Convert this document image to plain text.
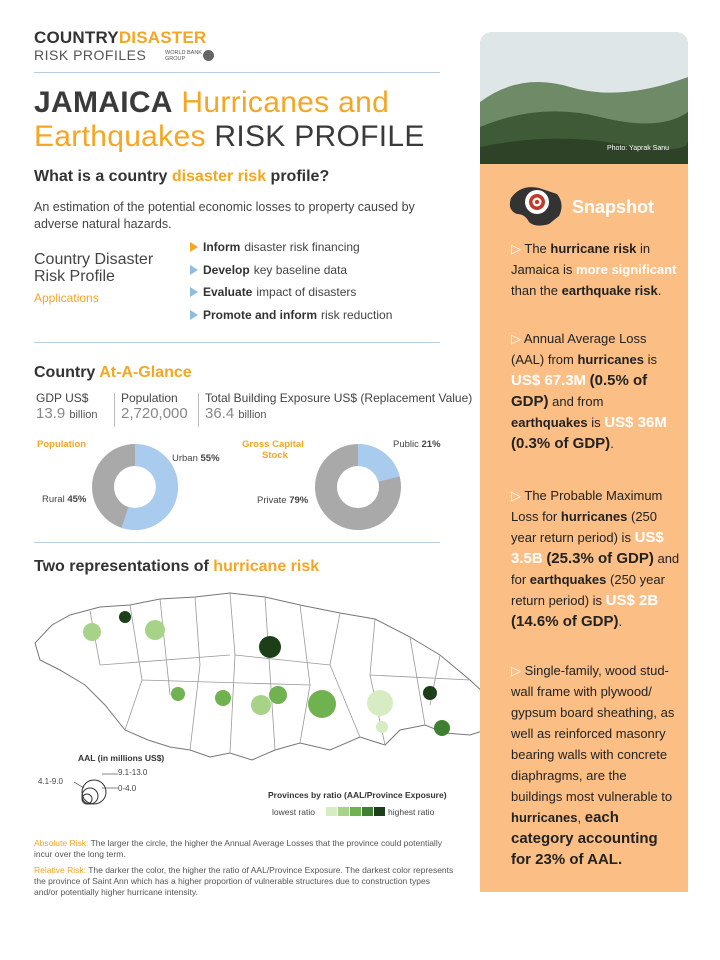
COUNTRYDISASTER
RISK PROFILES	WORLD BANK
GROUP
JAMAICA Hurricanes and
Earthquakes RISK PROFILE
What is a country disaster risk profile?
An estimation of the potential economic losses to property caused by adverse natural hazards.
Country Disaster
Risk Profile
Applications
Inform disaster risk financing
Develop key baseline data
Evaluate impact of disasters
Promote and inform risk reduction
Country At-A-Glance
GDP US$
13.9 billion
Population
2,720,000
Total Building Exposure US$ (Replacement Value)
36.4 billion
Population
Urban 55%
Rural 45%
Gross Capital
Stock
Public 21%
Private 79%
Two representations of hurricane risk
AAL (in millions US$)
4.1-9.0
9.1-13.0
0-4.0
Provinces by ratio (AAL/Province Exposure)
lowest ratio	highest ratio
Absolute Risk: The larger the circle, the higher the Annual Average Losses that the province could potentially incur over the long term.
Relative Risk: The darker the color, the higher the ratio of AAL/Province Exposure. The darkest color represents the province of Saint Ann which has a higher proportion of vulnerable structures due to construction types and/or potentially higher hurricane intensity.
Photo: Yaprak Sanu
Snapshot
▷ The hurricane risk in Jamaica is more significant than the earthquake risk.
▷ Annual Average Loss (AAL) from hurricanes is US$ 67.3M (0.5% of GDP) and from earthquakes is US$ 36M (0.3% of GDP).
▷ The Probable Maximum Loss for hurricanes (250 year return period) is US$ 3.5B (25.3% of GDP) and for earthquakes (250 year return period) is US$ 2B (14.6% of GDP).
▷ Single-family, wood stud-wall frame with plywood/ gypsum board sheathing, as well as reinforced masonry bearing walls with concrete diaphragms, are the buildings most vulnerable to hurricanes, each category accounting for 23% of AAL.
